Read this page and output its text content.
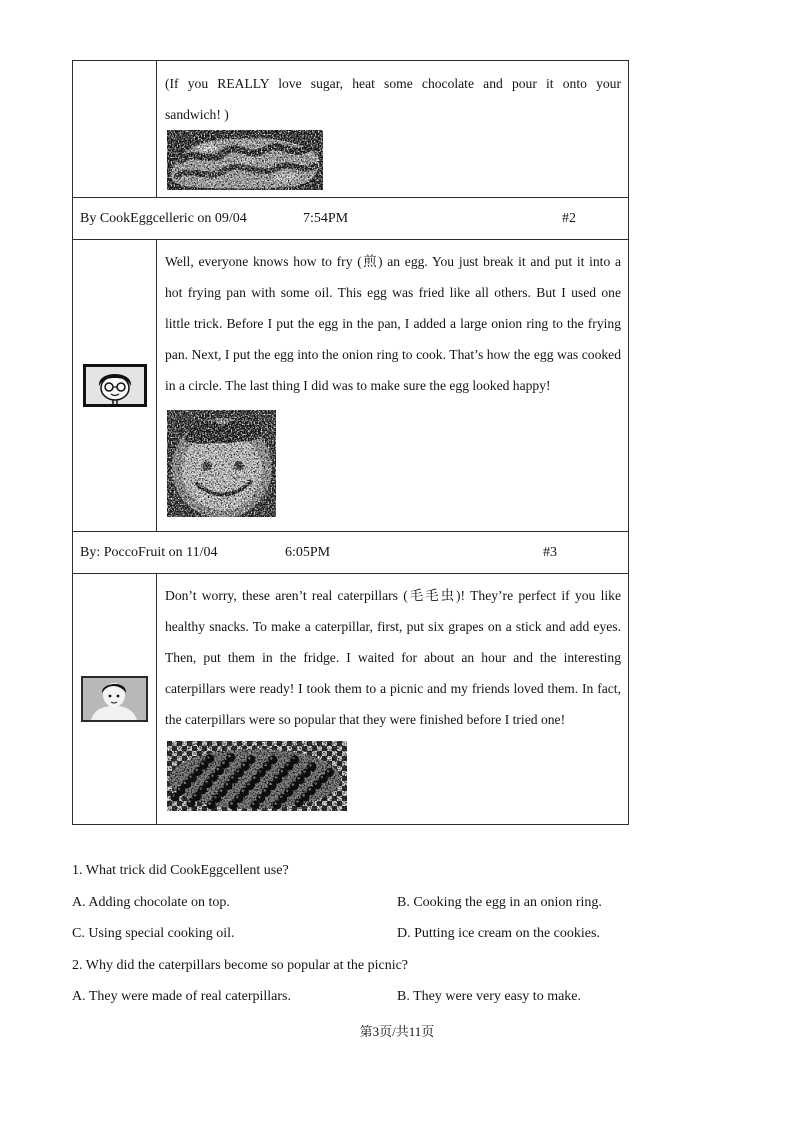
(If you REALLY love sugar, heat some chocolate and pour it onto your
sandwich! )
By CookEggcelleric on 09/04	7:54PM	#2
Well, everyone knows how to fry (煎) an egg. You just break it and put it into a
hot frying pan with some oil. This egg was fried like all others. But I used one
little trick. Before I put the egg in the pan, I added a large onion ring to the frying
pan. Next, I put the egg into the onion ring to cook. That’s how the egg was cooked
in a circle. The last thing I did was to make sure the egg looked happy!
By: PoccoFruit on 11/04	6:05PM	#3
Don’t worry, these aren’t real caterpillars (毛毛虫)! They’re perfect if you like
healthy snacks. To make a caterpillar, first, put six grapes on a stick and add eyes.
Then, put them in the fridge. I waited for about an hour and the interesting
caterpillars were ready! I took them to a picnic and my friends loved them. In fact,
the caterpillars were so popular that they were finished before I tried one!
1. What trick did CookEggcellent use?
A. Adding chocolate on top.	B. Cooking the egg in an onion ring.
C. Using special cooking oil.	D. Putting ice cream on the cookies.
2. Why did the caterpillars become so popular at the picnic?
A. They were made of real caterpillars.	B. They were very easy to make.
第3页/共11页
